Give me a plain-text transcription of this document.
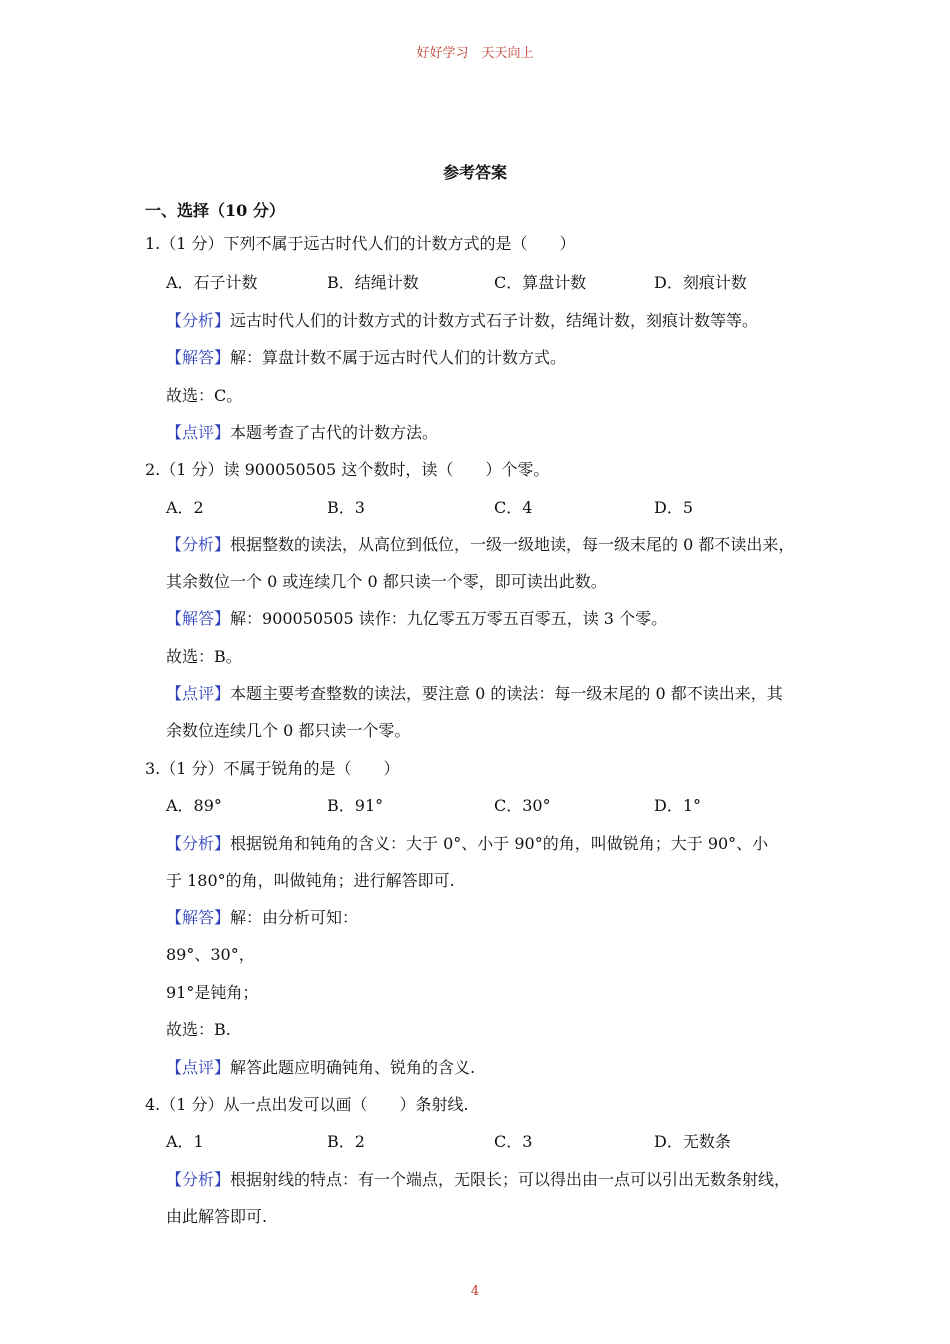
好好学习　天天向上
参考答案
一、选择（10 分）
1.（1 分）下列不属于远古时代人们的计数方式的是（　　）
A．石子计数	B．结绳计数	C．算盘计数	D．刻痕计数
【分析】远古时代人们的计数方式的计数方式石子计数，结绳计数，刻痕计数等等。
【解答】解：算盘计数不属于远古时代人们的计数方式。
故选：C。
【点评】本题考查了古代的计数方法。
2.（1 分）读 900050505 这个数时，读（　　）个零。
A．2	B．3	C．4	D．5
【分析】根据整数的读法，从高位到低位，一级一级地读，每一级末尾的 0 都不读出来，
其余数位一个 0 或连续几个 0 都只读一个零，即可读出此数。
【解答】解：900050505 读作：九亿零五万零五百零五，读 3 个零。
故选：B。
【点评】本题主要考查整数的读法，要注意 0 的读法：每一级末尾的 0 都不读出来，其
余数位连续几个 0 都只读一个零。
3.（1 分）不属于锐角的是（　　）
A．89°	B．91°	C．30°	D．1°
【分析】根据锐角和钝角的含义：大于 0°、小于 90°的角，叫做锐角；大于 90°、小
于 180°的角，叫做钝角；进行解答即可.
【解答】解：由分析可知：
89°、30°，
91°是钝角；
故选：B.
【点评】解答此题应明确钝角、锐角的含义.
4.（1 分）从一点出发可以画（　　）条射线.
A．1	B．2	C．3	D．无数条
【分析】根据射线的特点：有一个端点，无限长；可以得出由一点可以引出无数条射线，
由此解答即可.
4
